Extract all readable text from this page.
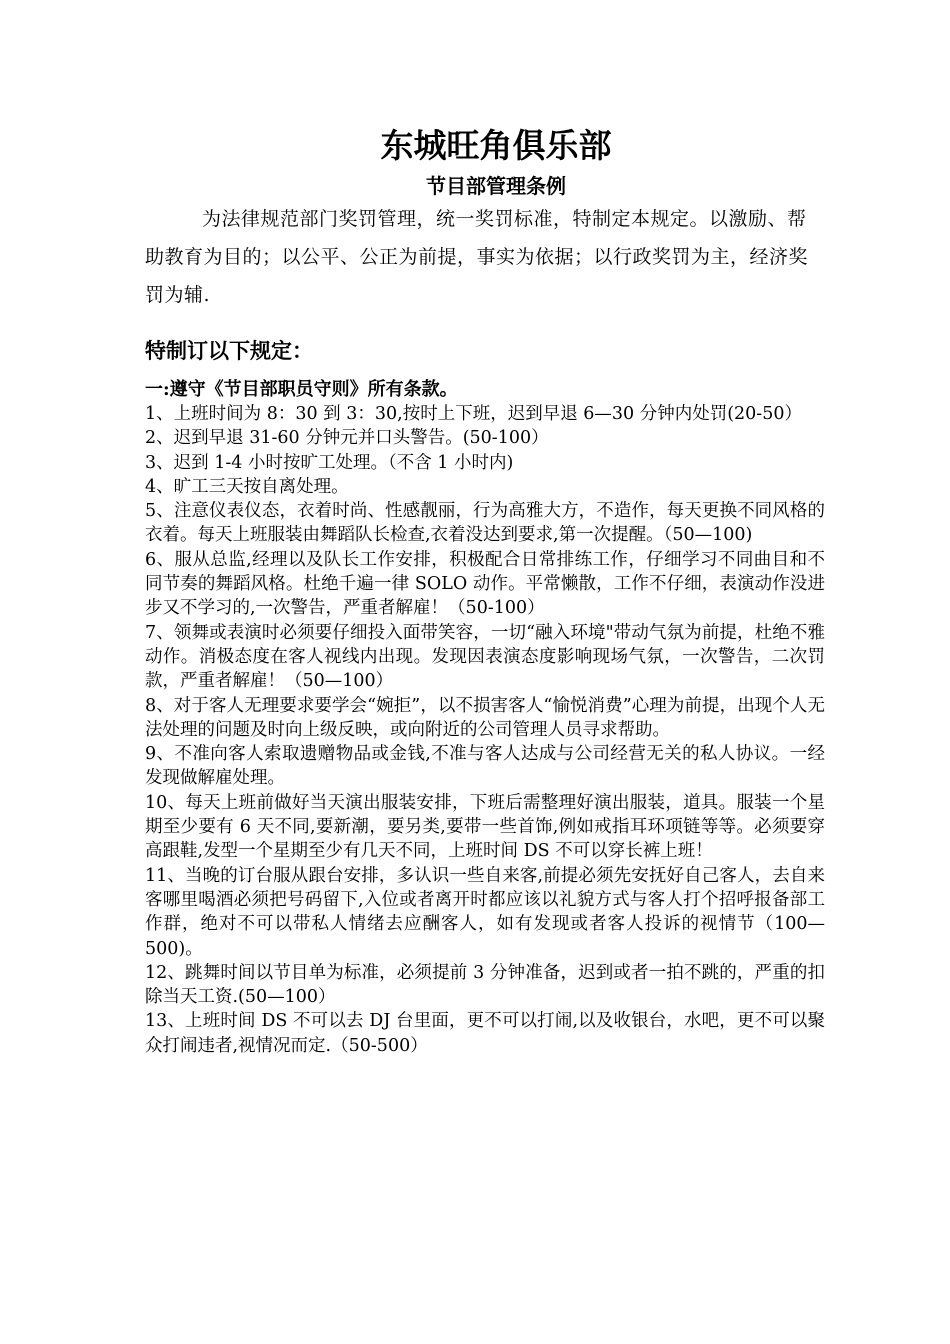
东城旺角俱乐部
节目部管理条例

为法律规范部门奖罚管理，统一奖罚标准，特制定本规定。以激励、帮助教育为目的；以公平、公正为前提，事实为依据；以行政奖罚为主，经济奖罚为辅.

特制订以下规定：
一:遵守《节目部职员守则》所有条款。

1、上班时间为 8：30 到 3：30,按时上下班，迟到早退 6—30 分钟内处罚(20-50）

2、迟到早退 31-60 分钟元并口头警告。(50-100）

3、迟到 1-4 小时按旷工处理。（不含 1 小时内)

4、旷工三天按自离处理。

5、注意仪表仪态，衣着时尚、性感靓丽，行为高雅大方，不造作，每天更换不同风格的衣着。每天上班服装由舞蹈队长检查,衣着没达到要求,第一次提醒。（50—100)

6、服从总监,经理以及队长工作安排，积极配合日常排练工作，仔细学习不同曲目和不同节奏的舞蹈风格。杜绝千遍一律 SOLO 动作。平常懒散，工作不仔细，表演动作没进步又不学习的,一次警告，严重者解雇！（50-100）

7、领舞或表演时必须要仔细投入面带笑容，一切“融入环境"带动气氛为前提，杜绝不雅动作。消极态度在客人视线内出现。发现因表演态度影响现场气氛，一次警告，二次罚款，严重者解雇！（50—100）

8、对于客人无理要求要学会“婉拒”，以不损害客人“愉悦消费”心理为前提，出现个人无法处理的问题及时向上级反映，或向附近的公司管理人员寻求帮助。

9、不准向客人索取遗赠物品或金钱,不准与客人达成与公司经营无关的私人协议。一经发现做解雇处理。

10、每天上班前做好当天演出服装安排，下班后需整理好演出服装，道具。服装一个星期至少要有 6 天不同,要新潮，要另类,要带一些首饰,例如戒指耳环项链等等。必须要穿高跟鞋,发型一个星期至少有几天不同，上班时间 DS 不可以穿长裤上班！

11、当晚的订台服从跟台安排，多认识一些自来客,前提必须先安抚好自己客人，去自来客哪里喝酒必须把号码留下,入位或者离开时都应该以礼貌方式与客人打个招呼报备部工作群，绝对不可以带私人情绪去应酬客人，如有发现或者客人投诉的视情节（100—500)。

12、跳舞时间以节目单为标准，必须提前 3 分钟准备，迟到或者一拍不跳的，严重的扣除当天工资.(50—100）

13、上班时间 DS 不可以去 DJ 台里面，更不可以打闹,以及收银台，水吧，更不可以聚众打闹违者,视情况而定.（50-500）
